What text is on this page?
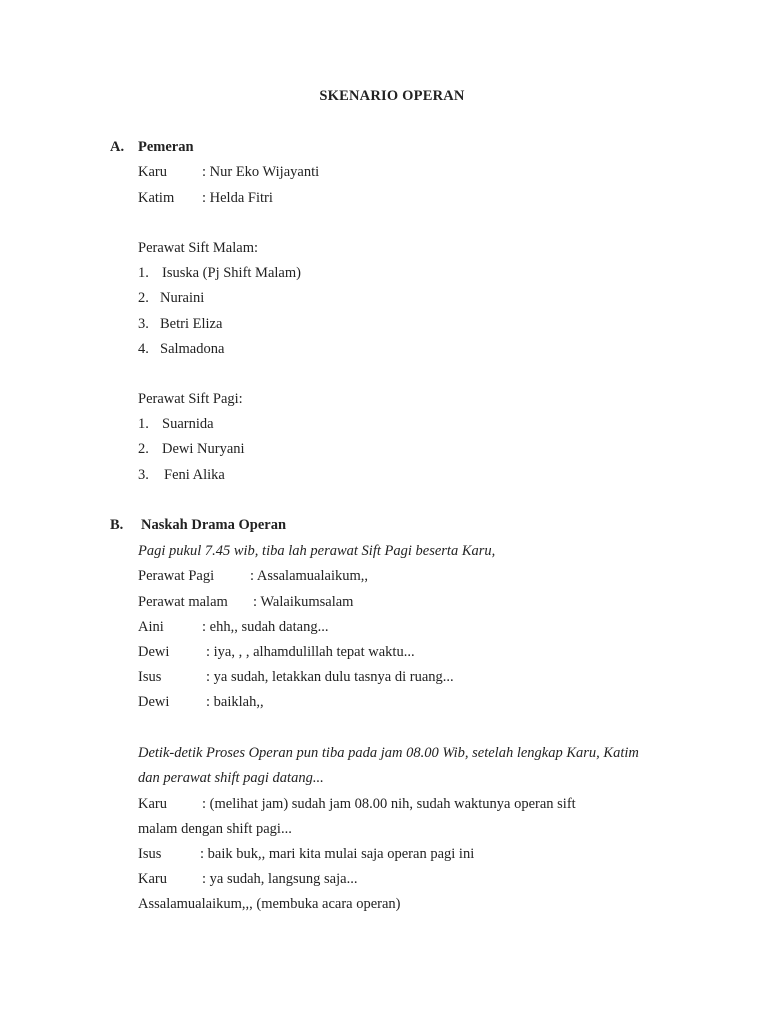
SKENARIO OPERAN
A. Pemeran
Karu : Nur Eko Wijayanti
Katim : Helda Fitri
Perawat Sift Malam:
1. Isuska (Pj Shift Malam)
2. Nuraini
3. Betri Eliza
4. Salmadona
Perawat Sift Pagi:
1. Suarnida
2. Dewi Nuryani
3. Feni Alika
B. Naskah Drama Operan
Pagi pukul 7.45 wib, tiba lah perawat Sift Pagi beserta Karu,
Perawat Pagi : Assalamualaikum,,
Perawat malam : Walaikumsalam
Aini	: ehh,, sudah datang...
Dewi	: iya, , , alhamdulillah tepat waktu...
Isus	: ya sudah, letakkan dulu tasnya di ruang...
Dewi	: baiklah,,
Detik-detik Proses Operan pun tiba pada jam 08.00 Wib, setelah lengkap Karu, Katim
dan perawat shift pagi datang...
Karu : (melihat jam) sudah jam 08.00 nih, sudah waktunya operan sift
malam dengan shift pagi...
Isus	: baik buk,, mari kita mulai saja operan pagi ini
Karu : ya sudah, langsung saja...
Assalamualaikum,,, (membuka acara operan)
